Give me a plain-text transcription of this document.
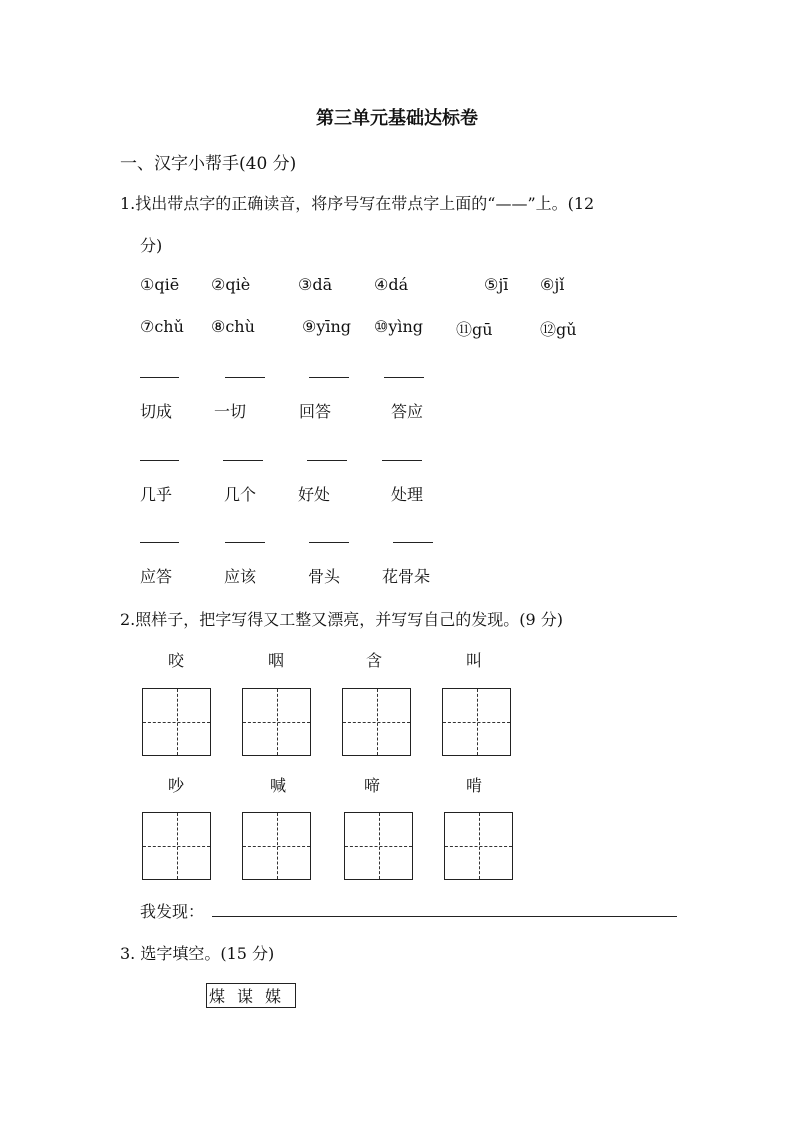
第三单元基础达标卷
一、汉字小帮手(40 分)
1.找出带点字的正确读音，将序号写在带点字上面的“——”上。(12
分)
①qiē ②qiè	③dā	④dá	⑤jī ⑥jǐ
⑦chǔ ⑧chù	⑨yīng ⑩yìng ⑪gū	⑫gǔ
切成	一切	回答	答应
几乎	几个	好处	处理
应答	应该	骨头	花骨朵
2.照样子，把字写得又工整又漂亮，并写写自己的发现。(9 分)
咬	咽	含	叫
吵	喊	啼	啃
我发现：
3. 选字填空。(15 分)
煤谋媒
